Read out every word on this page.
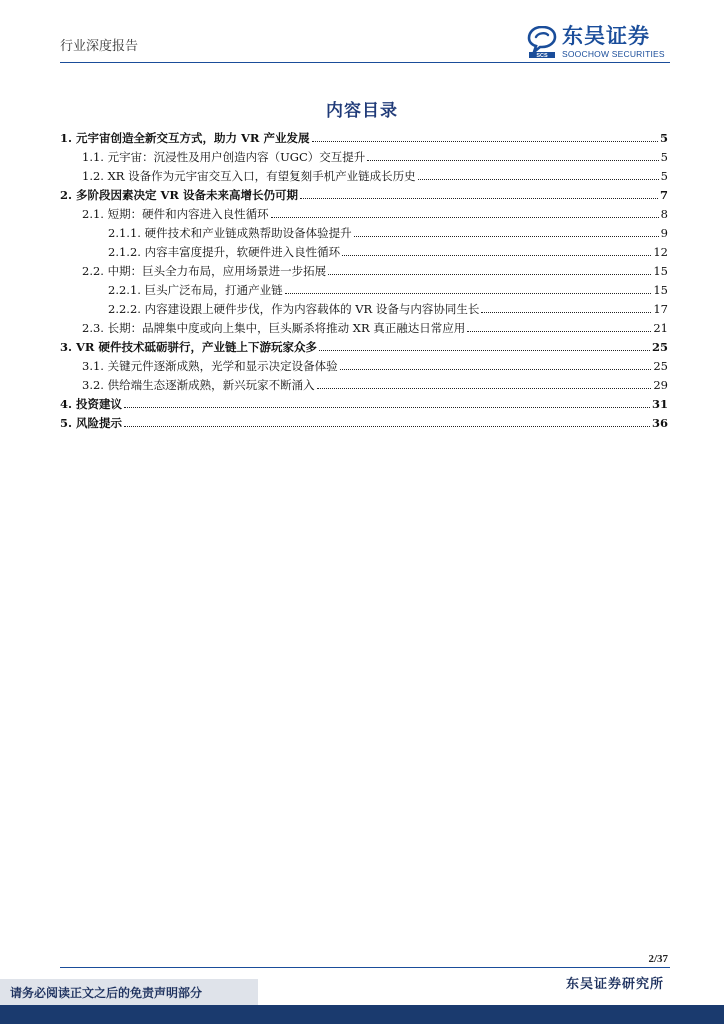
行业深度报告
SCS
东吴证券
SOOCHOW SECURITIES
内容目录
1. 元宇宙创造全新交互方式，助力 VR 产业发展	5
1.1. 元宇宙：沉浸性及用户创造内容（UGC）交互提升	5
1.2. XR 设备作为元宇宙交互入口，有望复刻手机产业链成长历史	5
2. 多阶段因素决定 VR 设备未来高增长仍可期	7
2.1. 短期：硬件和内容进入良性循环	8
2.1.1. 硬件技术和产业链成熟帮助设备体验提升	9
2.1.2. 内容丰富度提升，软硬件进入良性循环	12
2.2. 中期：巨头全力布局，应用场景进一步拓展	15
2.2.1. 巨头广泛布局，打通产业链	15
2.2.2. 内容建设跟上硬件步伐，作为内容载体的 VR 设备与内容协同生长	17
2.3. 长期：品牌集中度或向上集中，巨头厮杀将推动 XR 真正融达日常应用	21
3. VR 硬件技术砥砺骈行，产业链上下游玩家众多	25
3.1. 关键元件逐渐成熟，光学和显示决定设备体验	25
3.2. 供给端生态逐渐成熟，新兴玩家不断涌入	29
4. 投资建议	31
5. 风险提示	36
2/37
东吴证券研究所
请务必阅读正文之后的免责声明部分
